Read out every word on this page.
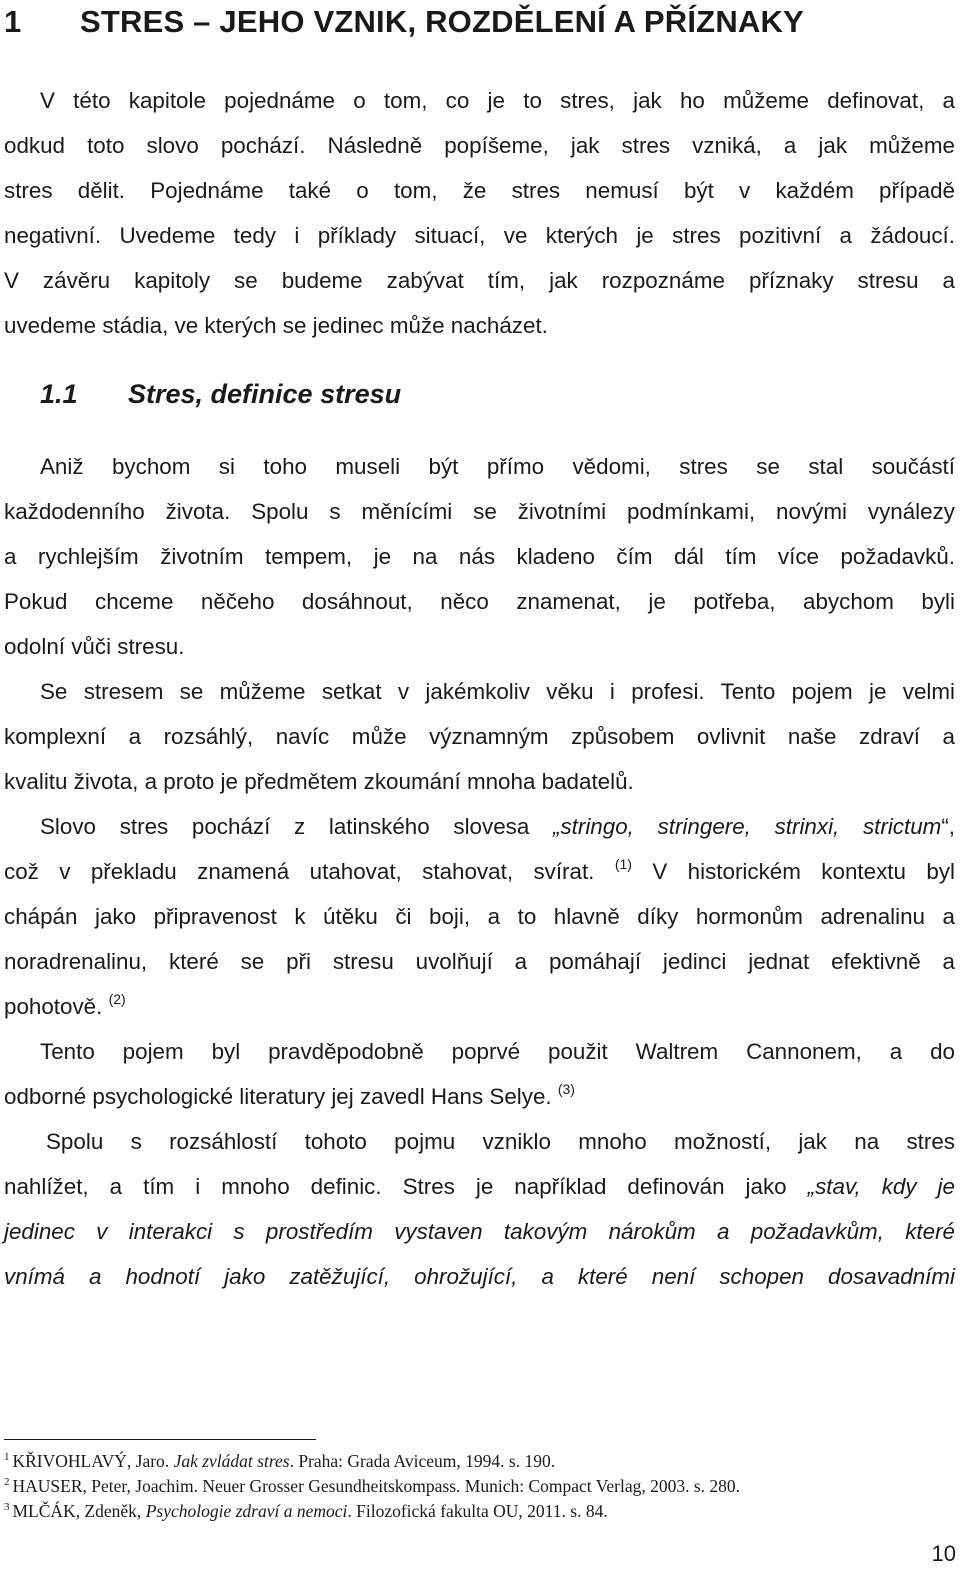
1 STRES – JEHO VZNIK, ROZDĚLENÍ A PŘÍZNAKY
V této kapitole pojednáme o tom, co je to stres, jak ho můžeme definovat, a
odkud toto slovo pochází. Následně popíšeme, jak stres vzniká, a jak můžeme
stres dělit. Pojednáme také o tom, že stres nemusí být v každém případě
negativní. Uvedeme tedy i příklady situací, ve kterých je stres pozitivní a žádoucí.
V závěru kapitoly se budeme zabývat tím, jak rozpoznáme příznaky stresu a
uvedeme stádia, ve kterých se jedinec může nacházet.
1.1 Stres, definice stresu
Aniž bychom si toho museli být přímo vědomi, stres se stal součástí
každodenního života. Spolu s měnícími se životními podmínkami, novými vynálezy
a rychlejším životním tempem, je na nás kladeno čím dál tím více požadavků.
Pokud chceme něčeho dosáhnout, něco znamenat, je potřeba, abychom byli
odolní vůči stresu.
Se stresem se můžeme setkat v jakémkoliv věku i profesi. Tento pojem je velmi
komplexní a rozsáhlý, navíc může významným způsobem ovlivnit naše zdraví a
kvalitu života, a proto je předmětem zkoumání mnoha badatelů.
Slovo stres pochází z latinského slovesa „stringo, stringere, strinxi, strictum“,
což v překladu znamená utahovat, stahovat, svírat. $^{(1)}$ V historickém kontextu byl
chápán jako připravenost k útěku či boji, a to hlavně díky hormonům adrenalinu a
noradrenalinu, které se při stresu uvolňují a pomáhají jedinci jednat efektivně a
pohotově. $^{(2)}$
Tento pojem byl pravděpodobně poprvé použit Waltrem Cannonem, a do
odborné psychologické literatury jej zavedl Hans Selye. $^{(3)}$
Spolu s rozsáhlostí tohoto pojmu vzniklo mnoho možností, jak na stres
nahlížet, a tím i mnoho definic. Stres je například definován jako „stav, kdy je
jedinec v interakci s prostředím vystaven takovým nárokům a požadavkům, které
vnímá a hodnotí jako zatěžující, ohrožující, a které není schopen dosavadními
$^1$ KŘIVOHLAVÝ, Jaro. Jak zvládat stres. Praha: Grada Aviceum, 1994. s. 190.
$^2$ HAUSER, Peter, Joachim. Neuer Grosser Gesundheitskompass. Munich: Compact Verlag, 2003. s. 280.
$^3$ MLČÁK, Zdeněk, Psychologie zdraví a nemoci. Filozofická fakulta OU, 2011. s. 84.
10
